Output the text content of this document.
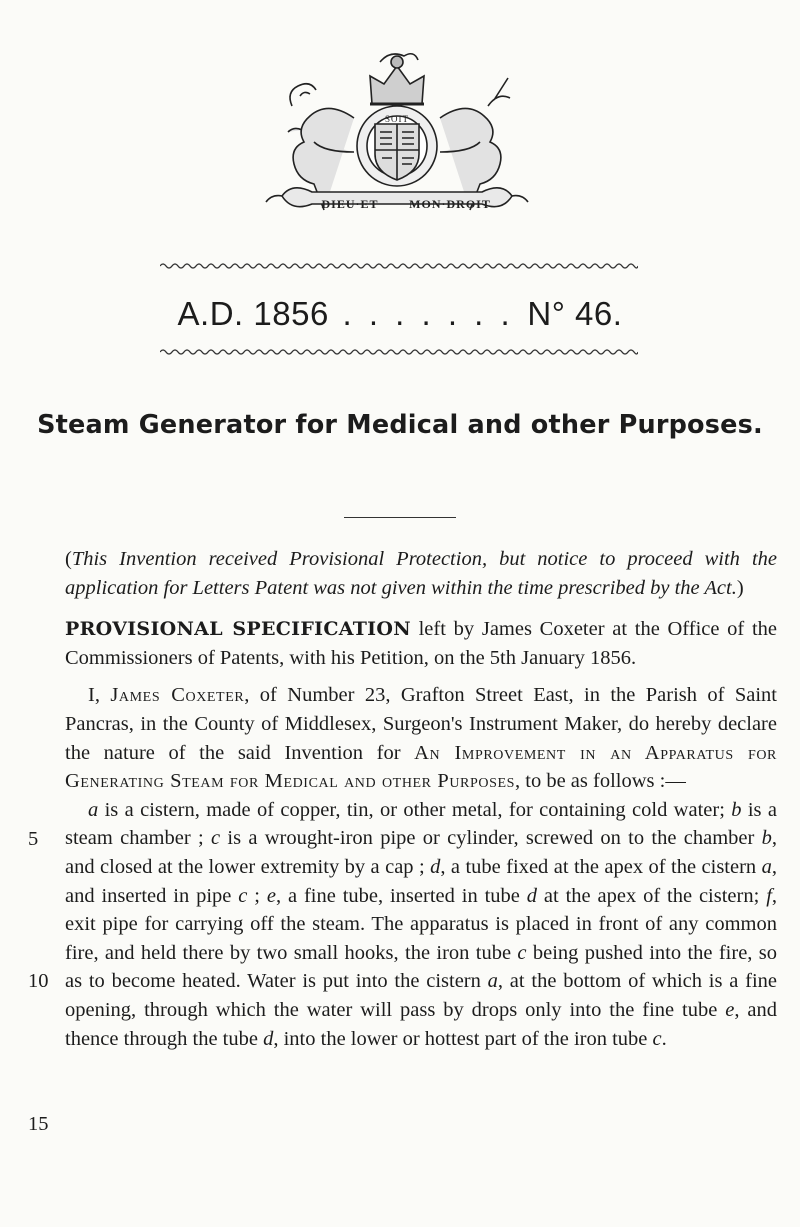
SOIT
DIEU·ET	MON·DROIT
A.D. 1856 . . . . . . . N° 46.
Steam Generator for Medical and other Purposes.

(This Invention received Provisional Protection, but notice to proceed with the application for Letters Patent was not given within the time prescribed by the Act.)

PROVISIONAL SPECIFICATION left by James Coxeter at the Office of the Commissioners of Patents, with his Petition, on the 5th January 1856.

I, James Coxeter, of Number 23, Grafton Street East, in the Parish of Saint Pancras, in the County of Middlesex, Surgeon's Instrument Maker, do hereby declare the nature of the said Invention for An Improvement in an Apparatus for Generating Steam for Medical and other Purposes, to be as follows :—

a is a cistern, made of copper, tin, or other metal, for containing cold water; b is a steam chamber ; c is a wrought-iron pipe or cylinder, screwed on to the chamber b, and closed at the lower extremity by a cap ; d, a tube fixed at the apex of the cistern a, and inserted in pipe c ; e, a fine tube, inserted in tube d at the apex of the cistern; f, exit pipe for carrying off the steam. The apparatus is placed in front of any common fire, and held there by two small hooks, the iron tube c being pushed into the fire, so as to become heated. Water is put into the cistern a, at the bottom of which is a fine opening, through which the water will pass by drops only into the fine tube e, and thence through the tube d, into the lower or hottest part of the iron tube c.

5
10
15
